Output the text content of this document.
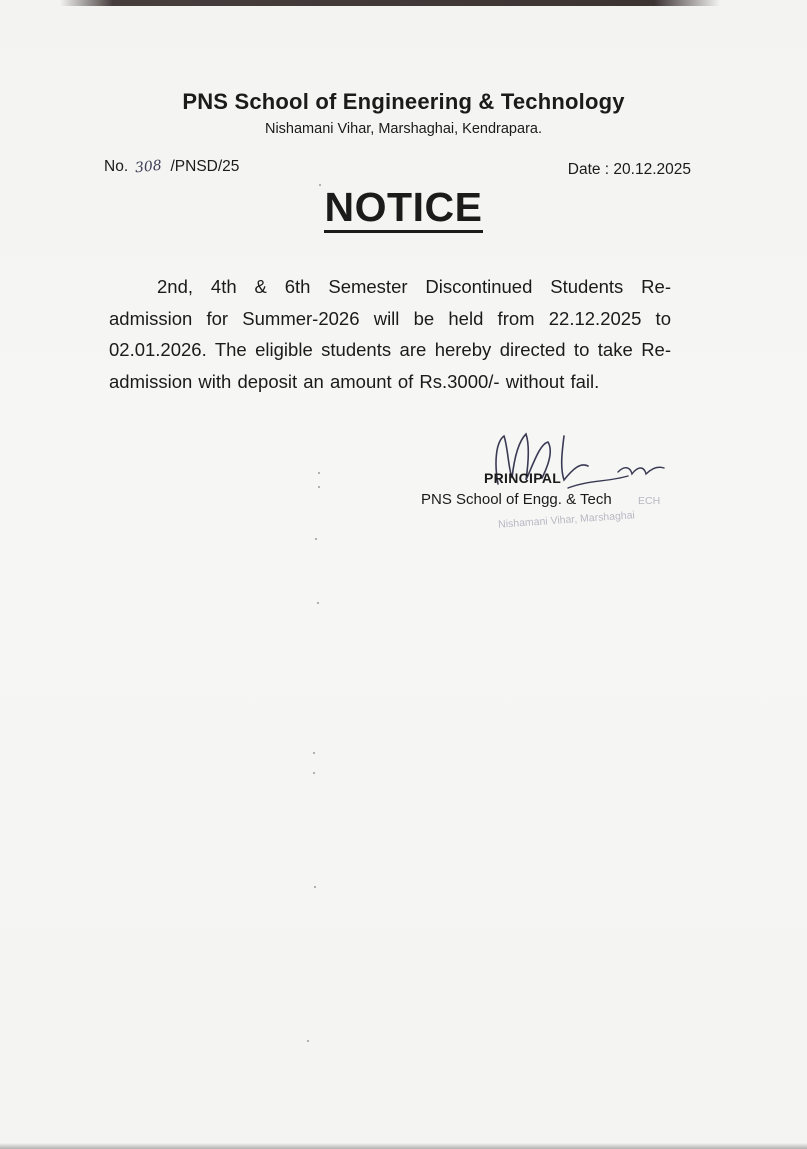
PNS School of Engineering & Technology

Nishamani Vihar, Marshaghai, Kendrapara.

No. 308 /PNSD/25	Date : 20.12.2025
NOTICE

2nd, 4th & 6th Semester Discontinued Students Re-admission for Summer-2026 will be held from 22.12.2025 to 02.01.2026. The eligible students are hereby directed to take Re-admission with deposit an amount of Rs.3000/- without fail.

PRINCIPAL

PNS School of Engg. & Tech	ECH

Nishamani Vihar, Marshaghai
